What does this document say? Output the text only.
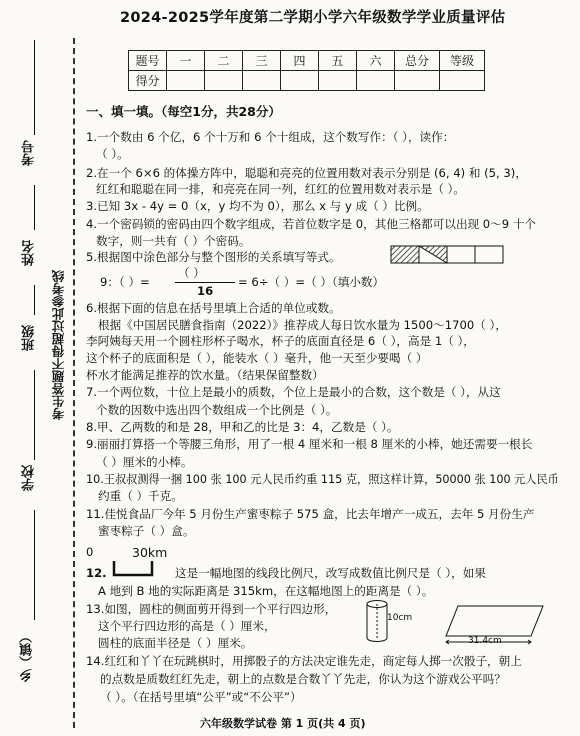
2024-2025学年度第二学期小学六年级数学学业质量评估
题号	一	二	三	四	五	六	总分	等级
得分								
考号
姓名
班级
学校
乡（镇）
考生答题不得超过此参考线
一、填一填。（每空1分，共28分）
1.一个数由 6 个亿，6 个十万和 6 个十组成，这个数写作：（ ），读作：
（ ）。
2.在一个 6×6 的体操方阵中，聪聪和亮亮的位置用数对表示分别是 (6, 4) 和 (5, 3)，
红红和聪聪在同一排，和亮亮在同一列，红红的位置用数对表示是（ ）。
3.已知 3x - 4y = 0（x，y 均不为 0），那么 x 与 y 成（ ）比例。
4.一个密码锁的密码由四个数字组成，若首位数字是 0，其他三格都可以出现 0～9 十个
数字，则一共有（ ）个密码。
5.根据图中涂色部分与整个图形的关系填写等式。
9：（ ）=
（ ）
16
= 6÷（ ）=（ ）（填小数）
6.根据下面的信息在括号里填上合适的单位或数。
根据《中国居民膳食指南（2022）》推荐成人每日饮水量为 1500～1700（ ），
李阿姨每天用一个圆柱形杯子喝水，杯子的底面直径是 6（ ），高是 1（ ），
这个杯子的底面积是（ ），能装水（ ）毫升，他一天至少要喝（ ）
杯水才能满足推荐的饮水量。（结果保留整数）
7.一个两位数，十位上是最小的质数，个位上是最小的合数，这个数是（ ），从这
个数的因数中选出四个数组成一个比例是（ ）。
8.甲、乙两数的和是 28，甲和乙的比是 3：4，乙数是（ ）。
9.丽丽打算搭一个等腰三角形，用了一根 4 厘米和一根 8 厘米的小棒，她还需要一根长
（ ）厘米的小棒。
10.王叔叔测得一捆 100 张 100 元人民币约重 115 克，照这样计算，50000 张 100 元人民币
约重（ ）千克。
11.佳悦食品厂今年 5 月份生产蜜枣粽子 575 盒，比去年增产一成五，去年 5 月份生产
蜜枣粽子（ ）盒。
0	30km
12.	这是一幅地图的线段比例尺，改写成数值比例尺是（ ），如果
A 地到 B 地的实际距离是 315km，在这幅地图上的距离是（ ）。
13.如图，圆柱的侧面剪开得到一个平行四边形，
这个平行四边形的高是（ ）厘米，
圆柱的底面半径是（ ）厘米。
10cm
31.4cm
14.红红和丫丫在玩跳棋时，用掷骰子的方法决定谁先走，商定每人掷一次骰子，朝上
的点数是质数红红先走，朝上的点数是合数丫丫先走，你认为这个游戏公平吗？
（ ）。（在括号里填“公平”或“不公平”）
六年级数学试卷 第 1 页(共 4 页)
